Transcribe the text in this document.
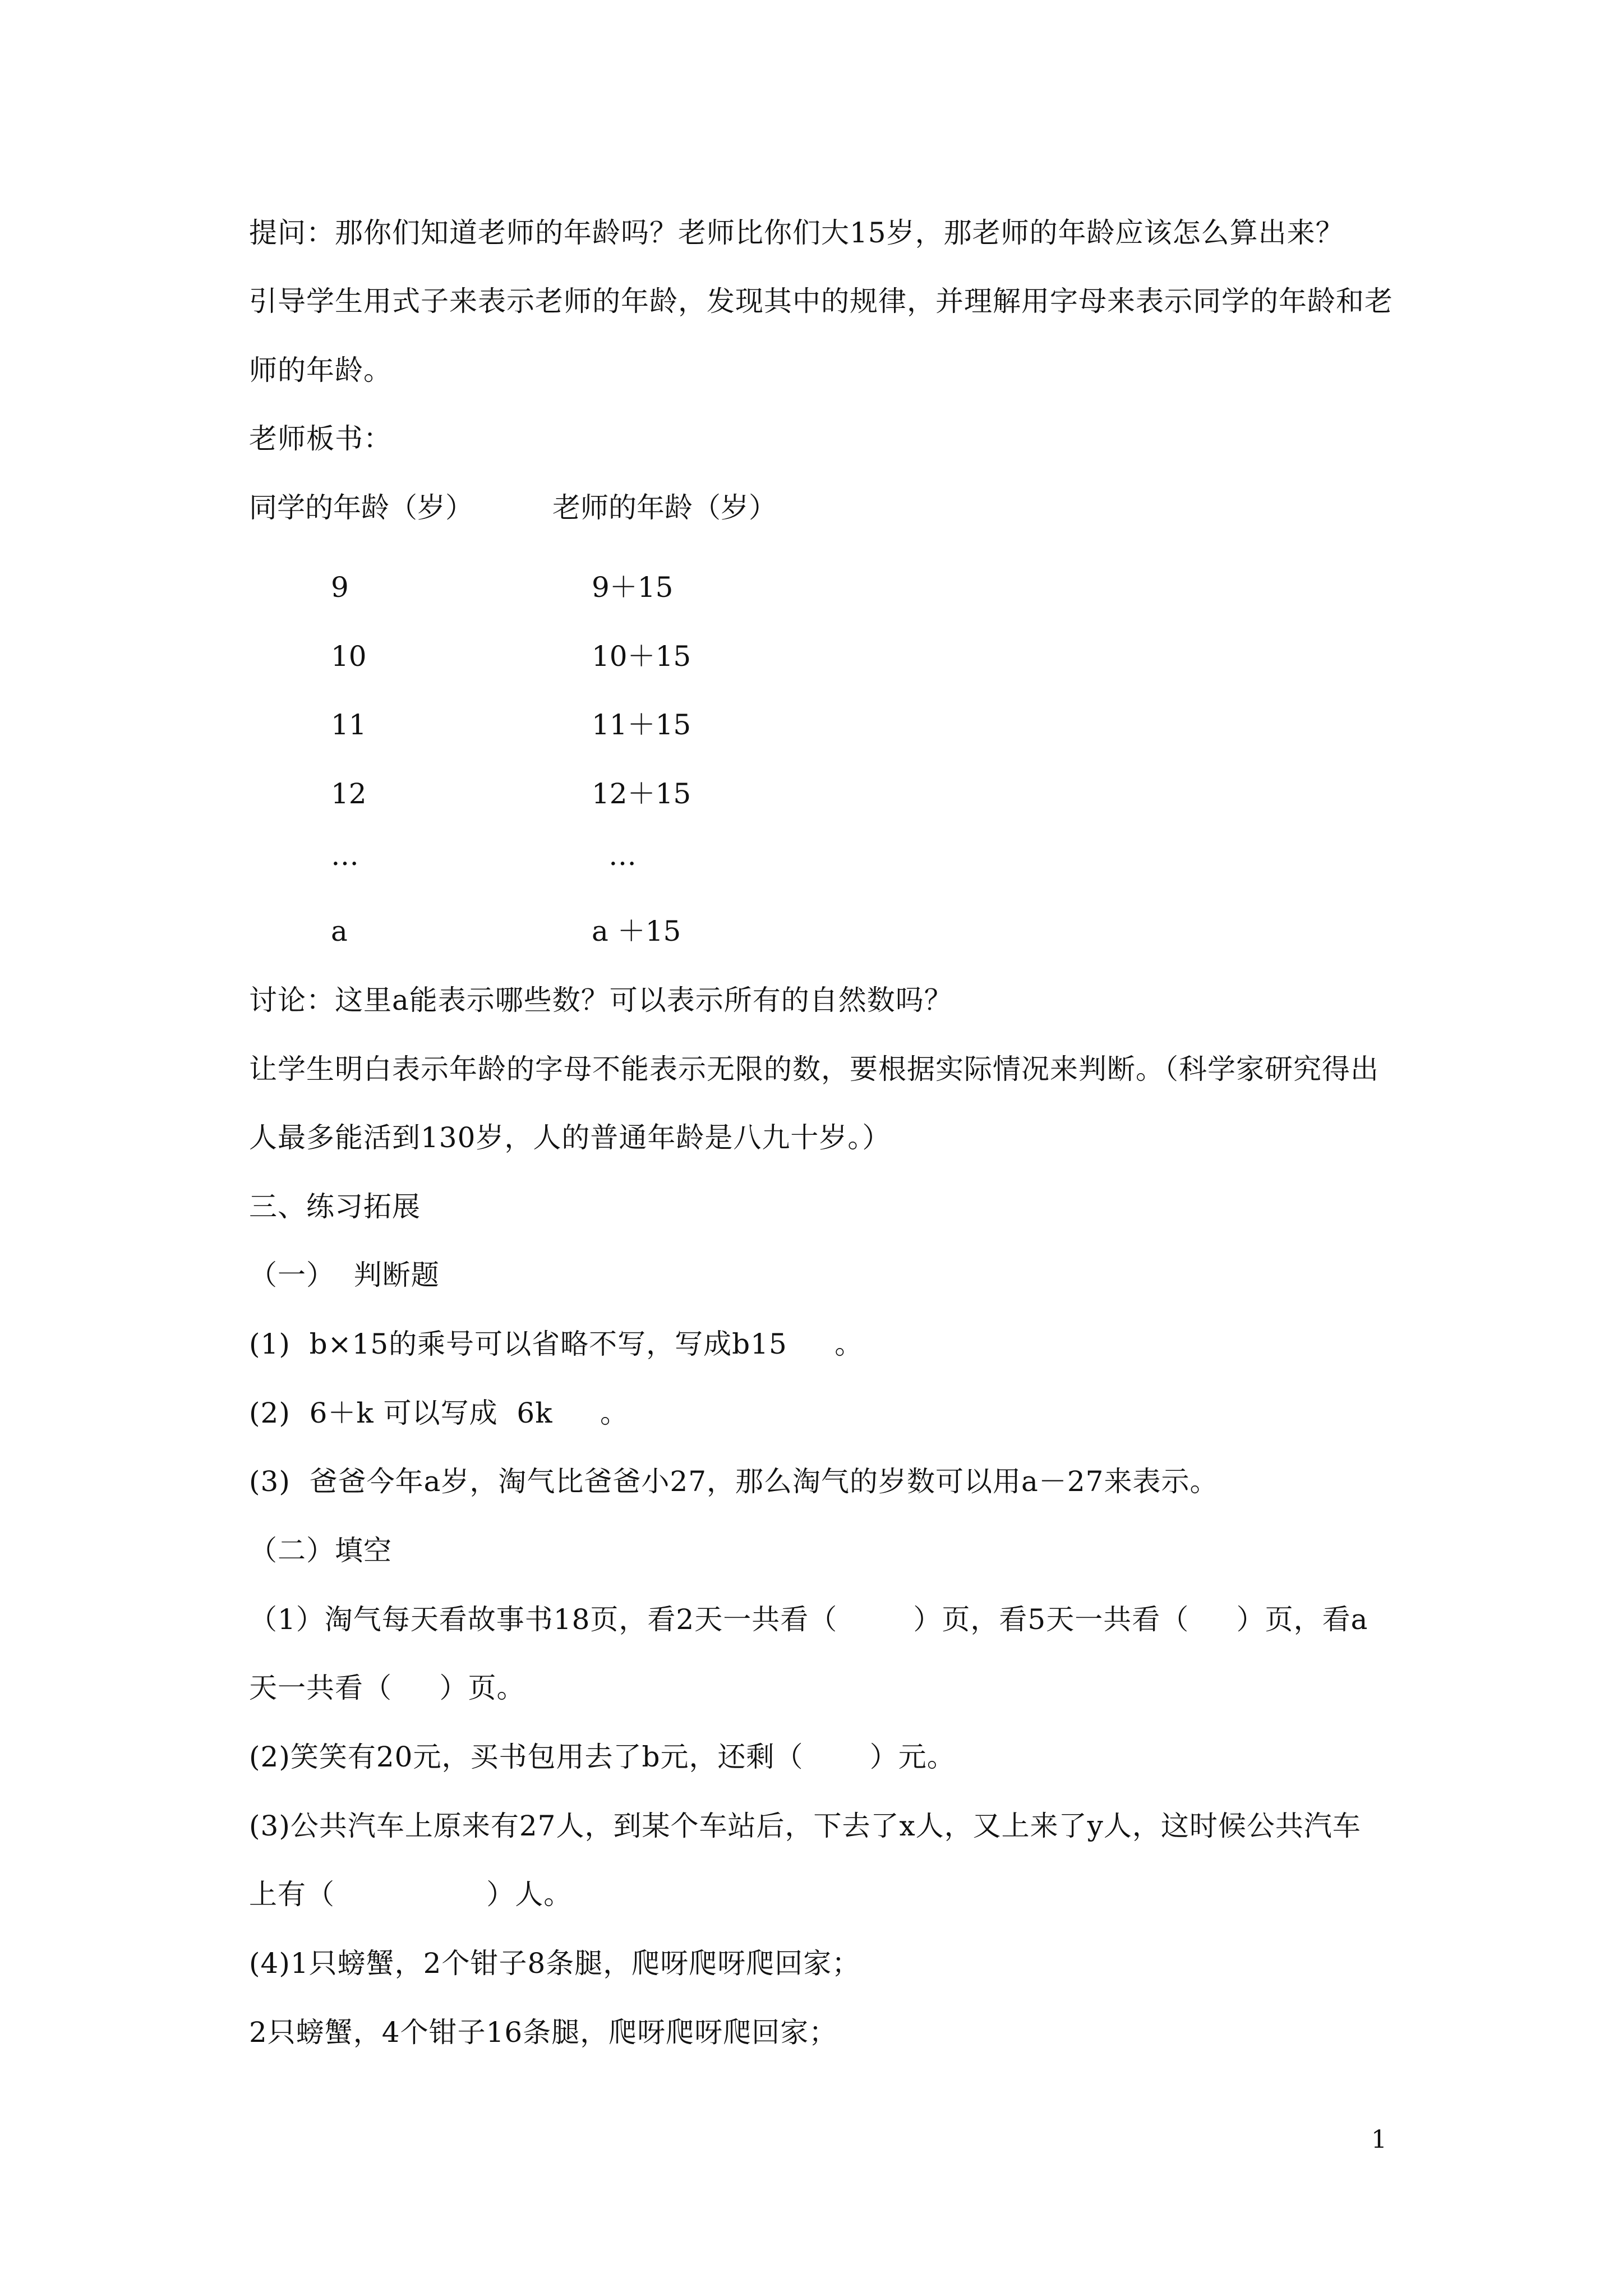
提问：那你们知道老师的年龄吗？老师比你们大15岁，那老师的年龄应该怎么算出来？
引导学生用式子来表示老师的年龄，发现其中的规律，并理解用字母来表示同学的年龄和老
师的年龄。
老师板书：
同学的年龄（岁）	老师的年龄（岁）
9	9＋15
10	10＋15
11	11＋15
12	12＋15
…	…
a	a ＋15
讨论：这里a能表示哪些数？可以表示所有的自然数吗？
让学生明白表示年龄的字母不能表示无限的数，要根据实际情况来判断。（科学家研究得出
人最多能活到130岁，人的普通年龄是八九十岁。）
三、练习拓展
（一）  判断题
(1)  b×15的乘号可以省略不写，写成b15     。
(2)  6＋k 可以写成  6k     。
(3)  爸爸今年a岁，淘气比爸爸小27，那么淘气的岁数可以用a－27来表示。
（二）填空
（1）淘气每天看故事书18页，看2天一共看（        ）页，看5天一共看（     ）页，看a
天一共看（     ）页。
(2)笑笑有20元，买书包用去了b元，还剩（       ）元。
(3)公共汽车上原来有27人，到某个车站后，下去了x人，又上来了y人，这时候公共汽车
上有（                ）人。
(4)1只螃蟹，2个钳子8条腿，爬呀爬呀爬回家；
2只螃蟹，4个钳子16条腿，爬呀爬呀爬回家；
1
